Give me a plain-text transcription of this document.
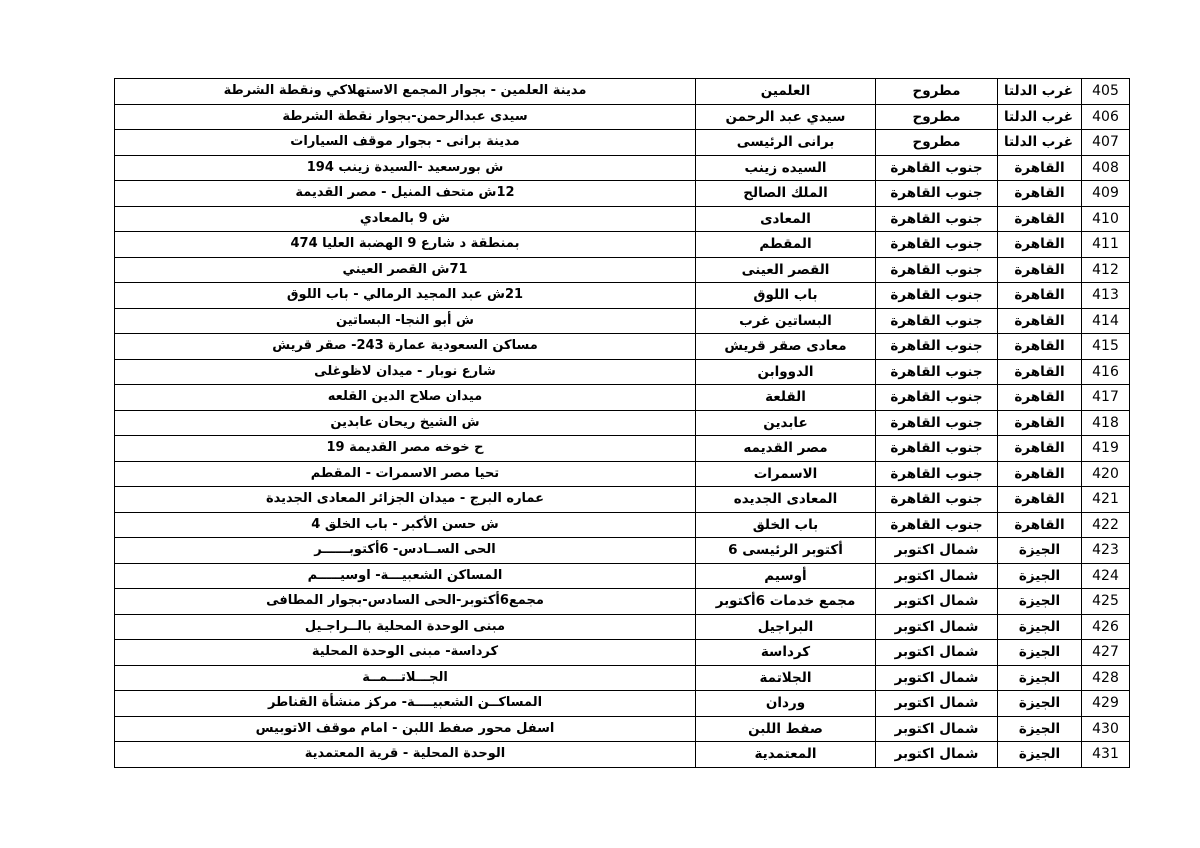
405	غرب الدلتا	مطروح	العلمين	مدينة العلمين - بجوار المجمع الاستهلاكي ونقطة الشرطة
406	غرب الدلتا	مطروح	سيدي عبد الرحمن	سيدى عبدالرحمن-بجوار نقطة الشرطة
407	غرب الدلتا	مطروح	برانى الرئيسى	مدينة برانى - بجوار موقف السيارات
408	القاهرة	جنوب القاهرة	السيده زينب	ش بورسعيد -السيدة زينب 194
409	القاهرة	جنوب القاهرة	الملك الصالح	12ش متحف المنيل - مصر القديمة
410	القاهرة	جنوب القاهرة	المعادى	ش 9 بالمعادي
411	القاهرة	جنوب القاهرة	المقطم	بمنطقة د شارع 9 الهضبة العليا 474
412	القاهرة	جنوب القاهرة	القصر العينى	71ش القصر العيني
413	القاهرة	جنوب القاهرة	باب اللوق	21ش عبد المجيد الرمالي - باب اللوق
414	القاهرة	جنوب القاهرة	البساتين غرب	ش أبو النجا- البساتين
415	القاهرة	جنوب القاهرة	معادى صقر قريش	مساكن السعودية عمارة 243- صقر قريش
416	القاهرة	جنوب القاهرة	الدووابن	شارع نوبار - ميدان لاظوغلى
417	القاهرة	جنوب القاهرة	القلعة	ميدان صلاح الدين القلعه
418	القاهرة	جنوب القاهرة	عابدين	ش الشيخ ريحان عابدين
419	القاهرة	جنوب القاهرة	مصر القديمه	ح خوخه مصر القديمة 19
420	القاهرة	جنوب القاهرة	الاسمرات	تحيا مصر الاسمرات - المقطم
421	القاهرة	جنوب القاهرة	المعادى الجديده	عماره البرج - ميدان الجزائر المعادى الجديدة
422	القاهرة	جنوب القاهرة	باب الخلق	ش حسن الأكبر - باب الخلق 4
423	الجيزة	شمال اكتوبر	أكتوبر الرئيسى 6	الحى الســادس- 6أكتوبــــــر
424	الجيزة	شمال اكتوبر	أوسيم	المساكن الشعبيـــة- اوسيـــــم
425	الجيزة	شمال اكتوبر	مجمع خدمات 6أكتوبر	مجمع6أكتوبر-الحى السادس-بجوار المطافى
426	الجيزة	شمال اكتوبر	البراجيل	مبنى الوحدة المحلية بالــراجـيل
427	الجيزة	شمال اكتوبر	كرداسة	كرداسة- مبنى الوحدة المحلية
428	الجيزة	شمال اكتوبر	الجلاتمة	الجـــلاتـــمــة
429	الجيزة	شمال اكتوبر	وردان	المساكــن الشعبيــــة- مركز منشأة القناطر
430	الجيزة	شمال اكتوبر	صفط اللبن	اسفل محور صفط اللبن - امام موقف الاتوبيس
431	الجيزة	شمال اكتوبر	المعتمدية	الوحدة المحلية - قرية المعتمدية
